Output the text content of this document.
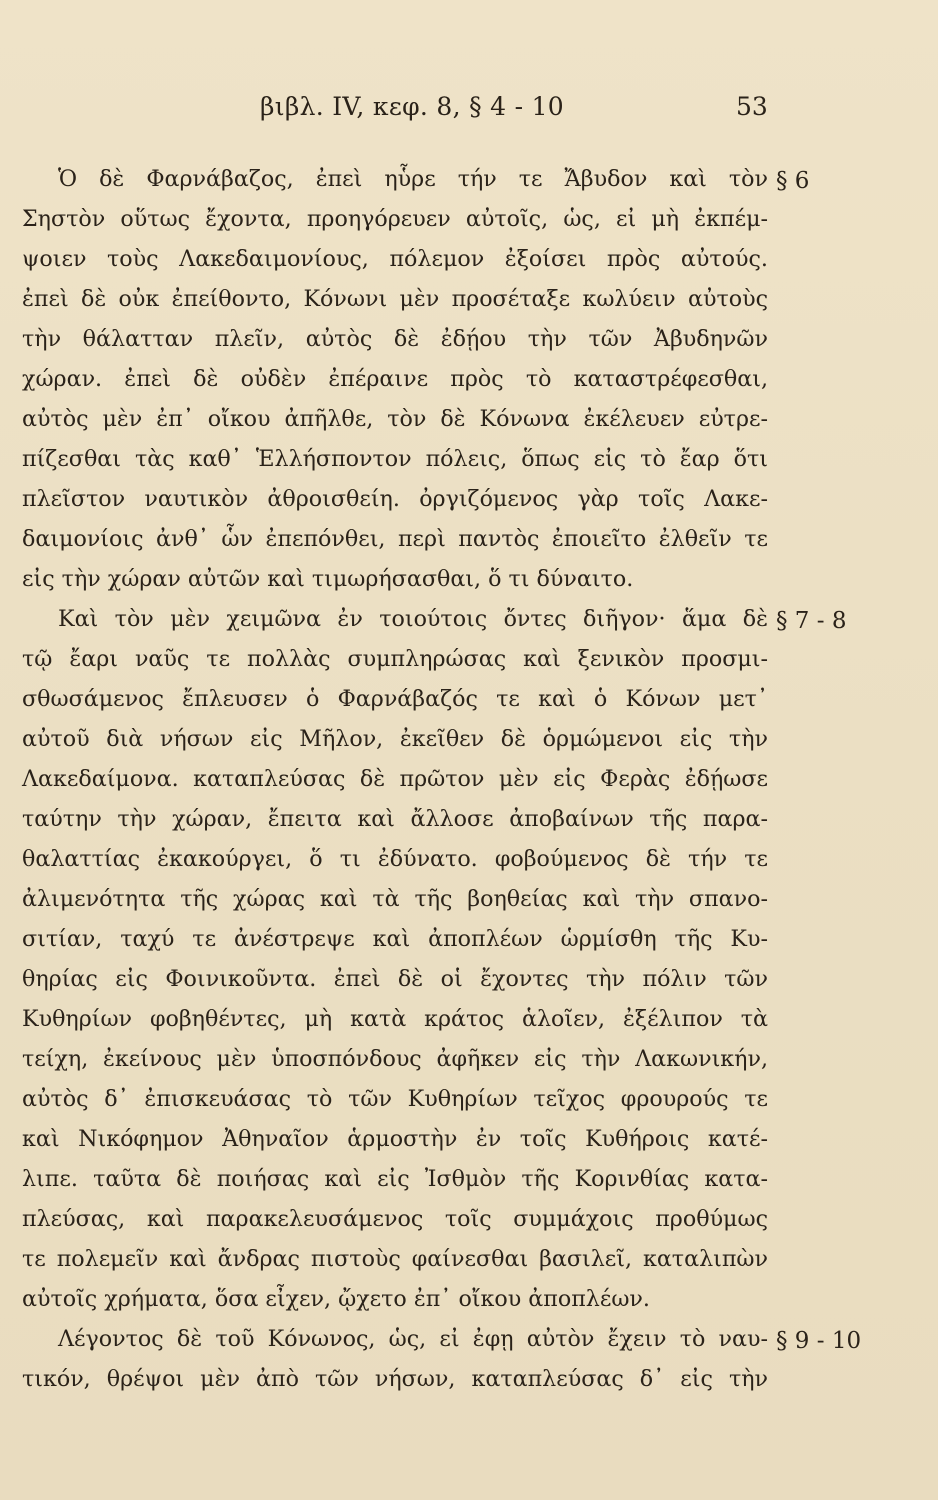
βιβλ. IV, κεφ. 8, § 4 - 10	53
Ὁ δὲ Φαρνάβαζος, ἐπεὶ ηὗρε τήν τε Ἄβυδον καὶ τὸν
Σηστὸν οὕτως ἔχοντα, προηγόρευεν αὐτοῖς, ὡς, εἰ μὴ ἐκπέμ-
ψοιεν τοὺς Λακεδαιμονίους, πόλεμον ἐξοίσει πρὸς αὐτούς.
ἐπεὶ δὲ οὐκ ἐπείθοντο, Κόνωνι μὲν προσέταξε κωλύειν αὐτοὺς
τὴν θάλατταν πλεῖν, αὐτὸς δὲ ἐδῄου τὴν τῶν Ἀβυδηνῶν
χώραν. ἐπεὶ δὲ οὐδὲν ἐπέραινε πρὸς τὸ καταστρέφεσθαι,
αὐτὸς μὲν ἐπ᾽ οἴκου ἀπῆλθε, τὸν δὲ Κόνωνα ἐκέλευεν εὐτρε-
πίζεσθαι τὰς καθ᾽ Ἑλλήσποντον πόλεις, ὅπως εἰς τὸ ἔαρ ὅτι
πλεῖστον ναυτικὸν ἀθροισθείη. ὀργιζόμενος γὰρ τοῖς Λακε-
δαιμονίοις ἀνθ᾽ ὧν ἐπεπόνθει, περὶ παντὸς ἐποιεῖτο ἐλθεῖν τε
εἰς τὴν χώραν αὐτῶν καὶ τιμωρήσασθαι, ὅ τι δύναιτο.
Καὶ τὸν μὲν χειμῶνα ἐν τοιούτοις ὄντες διῆγον· ἅμα δὲ
τῷ ἔαρι ναῦς τε πολλὰς συμπληρώσας καὶ ξενικὸν προσμι-
σθωσάμενος ἔπλευσεν ὁ Φαρνάβαζός τε καὶ ὁ Κόνων μετ᾽
αὐτοῦ διὰ νήσων εἰς Μῆλον, ἐκεῖθεν δὲ ὁρμώμενοι εἰς τὴν
Λακεδαίμονα. καταπλεύσας δὲ πρῶτον μὲν εἰς Φερὰς ἐδῄωσε
ταύτην τὴν χώραν, ἔπειτα καὶ ἄλλοσε ἀποβαίνων τῆς παρα-
θαλαττίας ἐκακούργει, ὅ τι ἐδύνατο. φοβούμενος δὲ τήν τε
ἀλιμενότητα τῆς χώρας καὶ τὰ τῆς βοηθείας καὶ τὴν σπανο-
σιτίαν, ταχύ τε ἀνέστρεψε καὶ ἀποπλέων ὡρμίσθη τῆς Κυ-
θηρίας εἰς Φοινικοῦντα. ἐπεὶ δὲ οἱ ἔχοντες τὴν πόλιν τῶν
Κυθηρίων φοβηθέντες, μὴ κατὰ κράτος ἁλοῖεν, ἐξέλιπον τὰ
τείχη, ἐκείνους μὲν ὑποσπόνδους ἀφῆκεν εἰς τὴν Λακωνικήν,
αὐτὸς δ᾽ ἐπισκευάσας τὸ τῶν Κυθηρίων τεῖχος φρουρούς τε
καὶ Νικόφημον Ἀθηναῖον ἁρμοστὴν ἐν τοῖς Κυθήροις κατέ-
λιπε. ταῦτα δὲ ποιήσας καὶ εἰς Ἰσθμὸν τῆς Κορινθίας κατα-
πλεύσας, καὶ παρακελευσάμενος τοῖς συμμάχοις προθύμως
τε πολεμεῖν καὶ ἄνδρας πιστοὺς φαίνεσθαι βασιλεῖ, καταλιπὼν
αὐτοῖς χρήματα, ὅσα εἶχεν, ᾤχετο ἐπ᾽ οἴκου ἀποπλέων.
Λέγοντος δὲ τοῦ Κόνωνος, ὡς, εἰ ἐφῃ αὐτὸν ἔχειν τὸ ναυ-
τικόν, θρέψοι μὲν ἀπὸ τῶν νήσων, καταπλεύσας δ᾽ εἰς τὴν
§ 6
§ 7 - 8
§ 9 - 10
